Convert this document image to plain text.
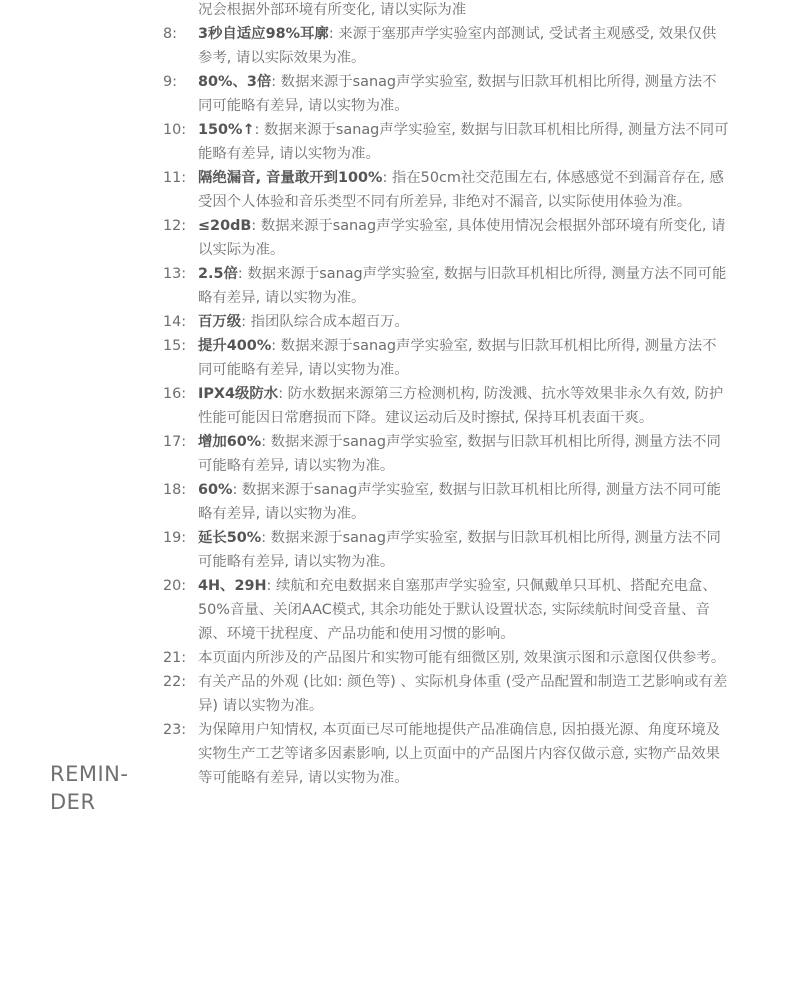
况会根据外部环境有所变化, 请以实际为准
8:	3秒自适应98%耳廓: 来源于塞那声学实验室内部测试, 受试者主观感受, 效果仅供参考, 请以实际效果为准。
9:	80%、3倍: 数据来源于sanag声学实验室, 数据与旧款耳机相比所得, 测量方法不同可能略有差异, 请以实物为准。
10: 150%↑: 数据来源于sanag声学实验室, 数据与旧款耳机相比所得, 测量方法不同可能略有差异, 请以实物为准。
11: 隔绝漏音, 音量敢开到100%: 指在50cm社交范围左右, 体感感觉不到漏音存在, 感受因个人体验和音乐类型不同有所差异, 非绝对不漏音, 以实际使用体验为准。
12: ≤20dB: 数据来源于sanag声学实验室, 具体使用情况会根据外部环境有所变化, 请以实际为准。
13: 2.5倍: 数据来源于sanag声学实验室, 数据与旧款耳机相比所得, 测量方法不同可能略有差异, 请以实物为准。
14: 百万级: 指团队综合成本超百万。
15: 提升400%: 数据来源于sanag声学实验室, 数据与旧款耳机相比所得, 测量方法不同可能略有差异, 请以实物为准。
16: IPX4级防水: 防水数据来源第三方检测机构, 防泼溅、抗水等效果非永久有效, 防护性能可能因日常磨损而下降。建议运动后及时擦拭, 保持耳机表面干爽。
17: 增加60%: 数据来源于sanag声学实验室, 数据与旧款耳机相比所得, 测量方法不同可能略有差异, 请以实物为准。
18: 60%: 数据来源于sanag声学实验室, 数据与旧款耳机相比所得, 测量方法不同可能略有差异, 请以实物为准。
19: 延长50%: 数据来源于sanag声学实验室, 数据与旧款耳机相比所得, 测量方法不同可能略有差异, 请以实物为准。
20: 4H、29H: 续航和充电数据来自塞那声学实验室, 只佩戴单只耳机、搭配充电盒、50%音量、关闭AAC模式, 其余功能处于默认设置状态, 实际续航时间受音量、音源、环境干扰程度、产品功能和使用习惯的影响。
21: 本页面内所涉及的产品图片和实物可能有细微区别, 效果演示图和示意图仅供参考。
22: 有关产品的外观 (比如: 颜色等) 、实际机身体重 (受产品配置和制造工艺影响或有差异) 请以实物为准。
23: 为保障用户知情权, 本页面已尽可能地提供产品准确信息, 因拍摄光源、角度环境及实物生产工艺等诸多因素影响, 以上页面中的产品图片内容仅做示意, 实物产品效果等可能略有差异, 请以实物为准。
REMIN-
DER
